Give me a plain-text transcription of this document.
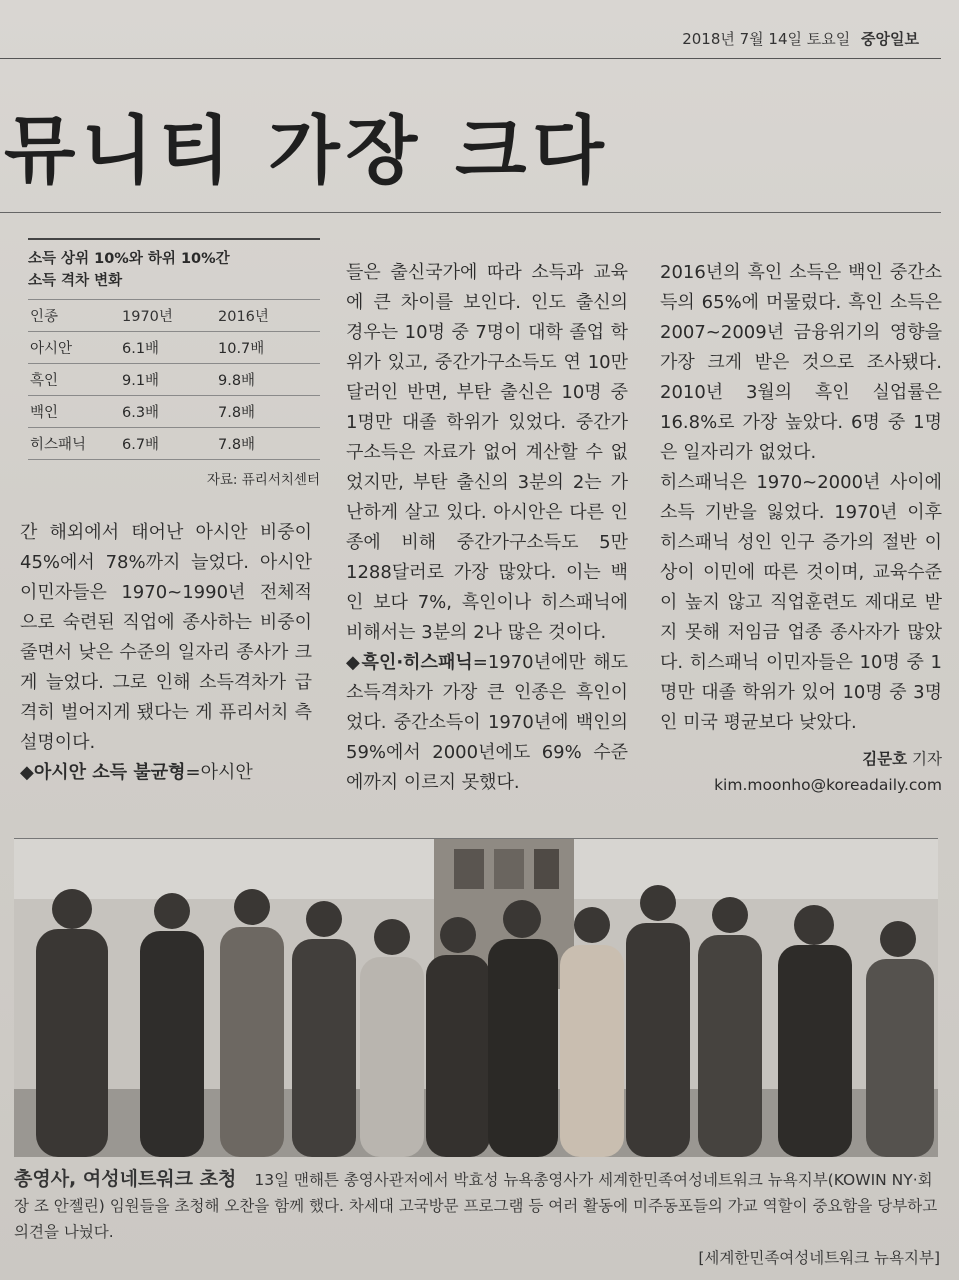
2018년 7월 14일 토요일 중앙일보
뮤니티 가장 크다

소득 상위 10%와 하위 10%간
소득 격차 변화
인종	1970년	2016년
아시안	6.1배	10.7배
흑인	9.1배	9.8배
백인	6.3배	7.8배
히스패닉	6.7배	7.8배
자료: 퓨리서치센터

간 해외에서 태어난 아시안 비중이 45%에서 78%까지 늘었다. 아시안 이민자들은 1970~1990년 전체적으로 숙련된 직업에 종사하는 비중이 줄면서 낮은 수준의 일자리 종사가 크게 늘었다. 그로 인해 소득격차가 급격히 벌어지게 됐다는 게 퓨리서치 측 설명이다.

◆아시안 소득 불균형=아시안

들은 출신국가에 따라 소득과 교육에 큰 차이를 보인다. 인도 출신의 경우는 10명 중 7명이 대학 졸업 학위가 있고, 중간가구소득도 연 10만 달러인 반면, 부탄 출신은 10명 중 1명만 대졸 학위가 있었다. 중간가구소득은 자료가 없어 계산할 수 없었지만, 부탄 출신의 3분의 2는 가난하게 살고 있다. 아시안은 다른 인종에 비해 중간가구소득도 5만1288달러로 가장 많았다. 이는 백인 보다 7%, 흑인이나 히스패닉에 비해서는 3분의 2나 많은 것이다.

◆흑인·히스패닉=1970년에만 해도 소득격차가 가장 큰 인종은 흑인이었다. 중간소득이 1970년에 백인의 59%에서 2000년에도 69% 수준에까지 이르지 못했다.

2016년의 흑인 소득은 백인 중간소득의 65%에 머물렀다. 흑인 소득은 2007~2009년 금융위기의 영향을 가장 크게 받은 것으로 조사됐다. 2010년 3월의 흑인 실업률은 16.8%로 가장 높았다. 6명 중 1명은 일자리가 없었다.

히스패닉은 1970~2000년 사이에 소득 기반을 잃었다. 1970년 이후 히스패닉 성인 인구 증가의 절반 이상이 이민에 따른 것이며, 교육수준이 높지 않고 직업훈련도 제대로 받지 못해 저임금 업종 종사자가 많았다. 히스패닉 이민자들은 10명 중 1명만 대졸 학위가 있어 10명 중 3명인 미국 평균보다 낮았다.

김문호 기자
kim.moonho@koreadaily.com
총영사, 여성네트워크 초청 13일 맨해튼 총영사관저에서 박효성 뉴욕총영사가 세계한민족여성네트워크 뉴욕지부(KOWIN NY·회장 조 안젤린) 임원들을 초청해 오찬을 함께 했다. 차세대 고국방문 프로그램 등 여러 활동에 미주동포들의 가교 역할이 중요함을 당부하고 의견을 나눴다.
[세계한민족여성네트워크 뉴욕지부]
